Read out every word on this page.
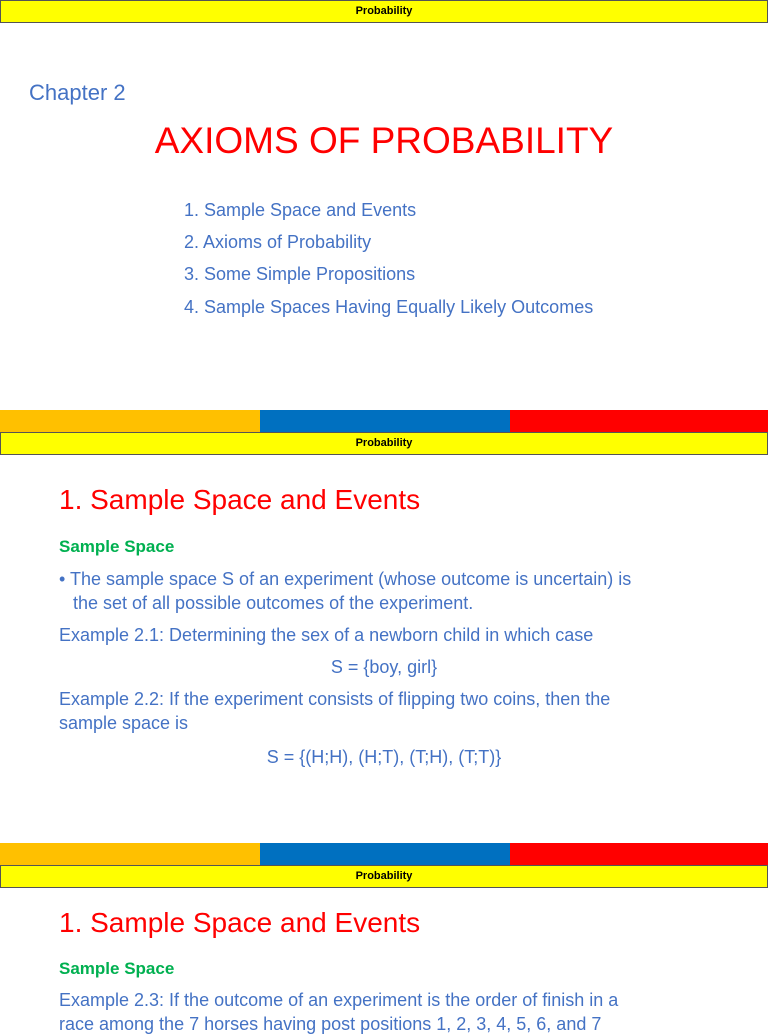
Probability
Chapter 2
AXIOMS OF PROBABILITY
1. Sample Space and Events
2. Axioms of Probability
3. Some Simple Propositions
4. Sample Spaces Having Equally Likely Outcomes
Probability
1. Sample Space and Events
Sample Space
• The sample space S of an experiment (whose outcome is uncertain) is
the set of all possible outcomes of the experiment.
Example 2.1: Determining the sex of a newborn child in which case
S = {boy, girl}
Example 2.2: If the experiment consists of flipping two coins, then the
sample space is
S = {(H;H), (H;T), (T;H), (T;T)}
Probability
1. Sample Space and Events
Sample Space
Example 2.3: If the outcome of an experiment is the order of finish in a
race among the 7 horses having post positions 1, 2, 3, 4, 5, 6, and 7
